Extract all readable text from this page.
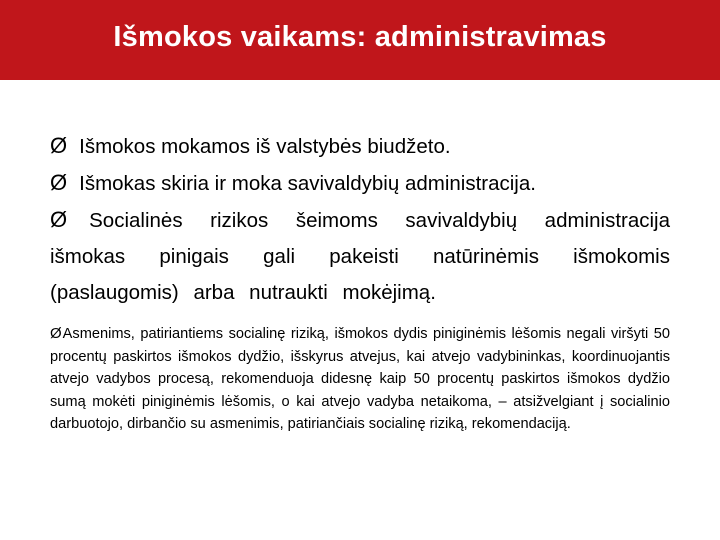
Išmokos vaikams: administravimas

Ø Išmokos mokamos iš valstybės biudžeto.

Ø Išmokas skiria ir moka savivaldybių administracija.

Ø Socialinės rizikos šeimoms savivaldybių administracija išmokas pinigais gali pakeisti natūrinėmis išmokomis (paslaugomis) arba nutraukti mokėjimą.

ØAsmenims, patiriantiems socialinę riziką, išmokos dydis piniginėmis lėšomis negali viršyti 50 procentų paskirtos išmokos dydžio, išskyrus atvejus, kai atvejo vadybininkas, koordinuojantis atvejo vadybos procesą, rekomenduoja didesnę kaip 50 procentų paskirtos išmokos dydžio sumą mokėti piniginėmis lėšomis, o kai atvejo vadyba netaikoma, – atsižvelgiant į socialinio darbuotojo, dirbančio su asmenimis, patiriančiais socialinę riziką, rekomendaciją.
